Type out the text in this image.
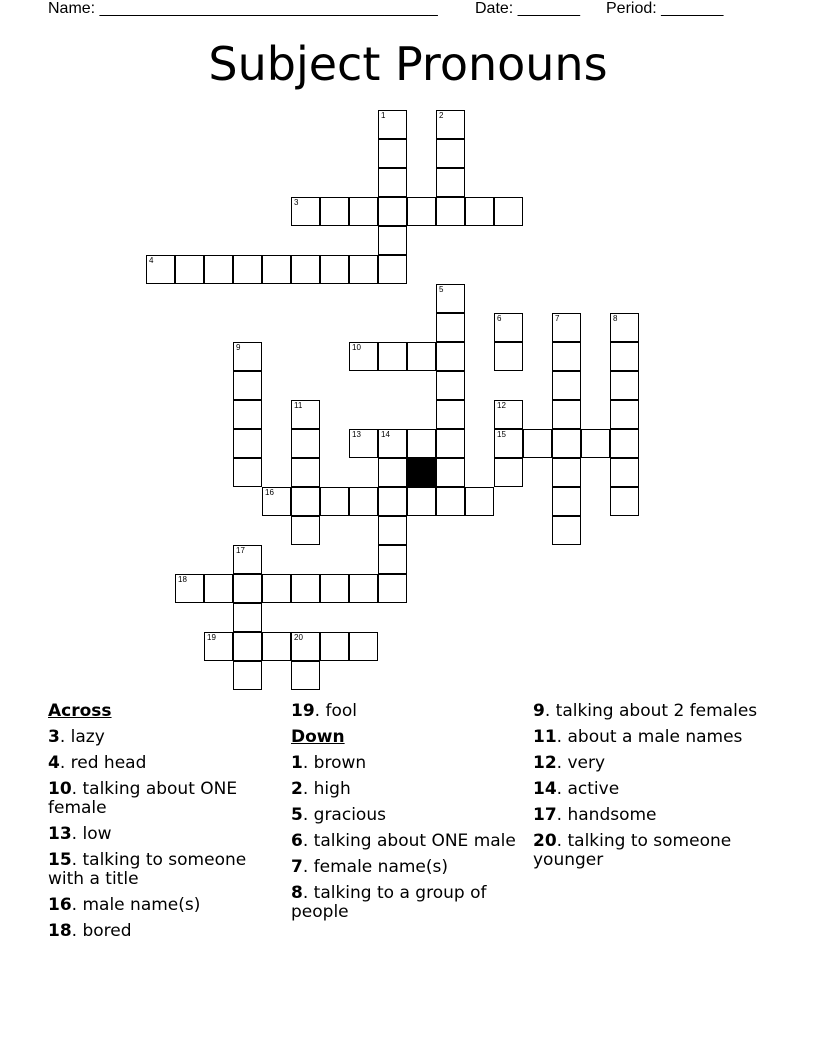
Name: ______________________________________ Date: _______ Period: _______
Subject Pronouns
3
4
10
13	14	15
16
18
19	20
1	2
5
6	7	8
9
11	12
17
Across
3. lazy
4. red head
10. talking about ONE female
13. low
15. talking to someone with a title
16. male name(s)
18. bored
19. fool
Down
1. brown
2. high
5. gracious
6. talking about ONE male
7. female name(s)
8. talking to a group of people
9. talking about 2 females
11. about a male names
12. very
14. active
17. handsome
20. talking to someone younger
